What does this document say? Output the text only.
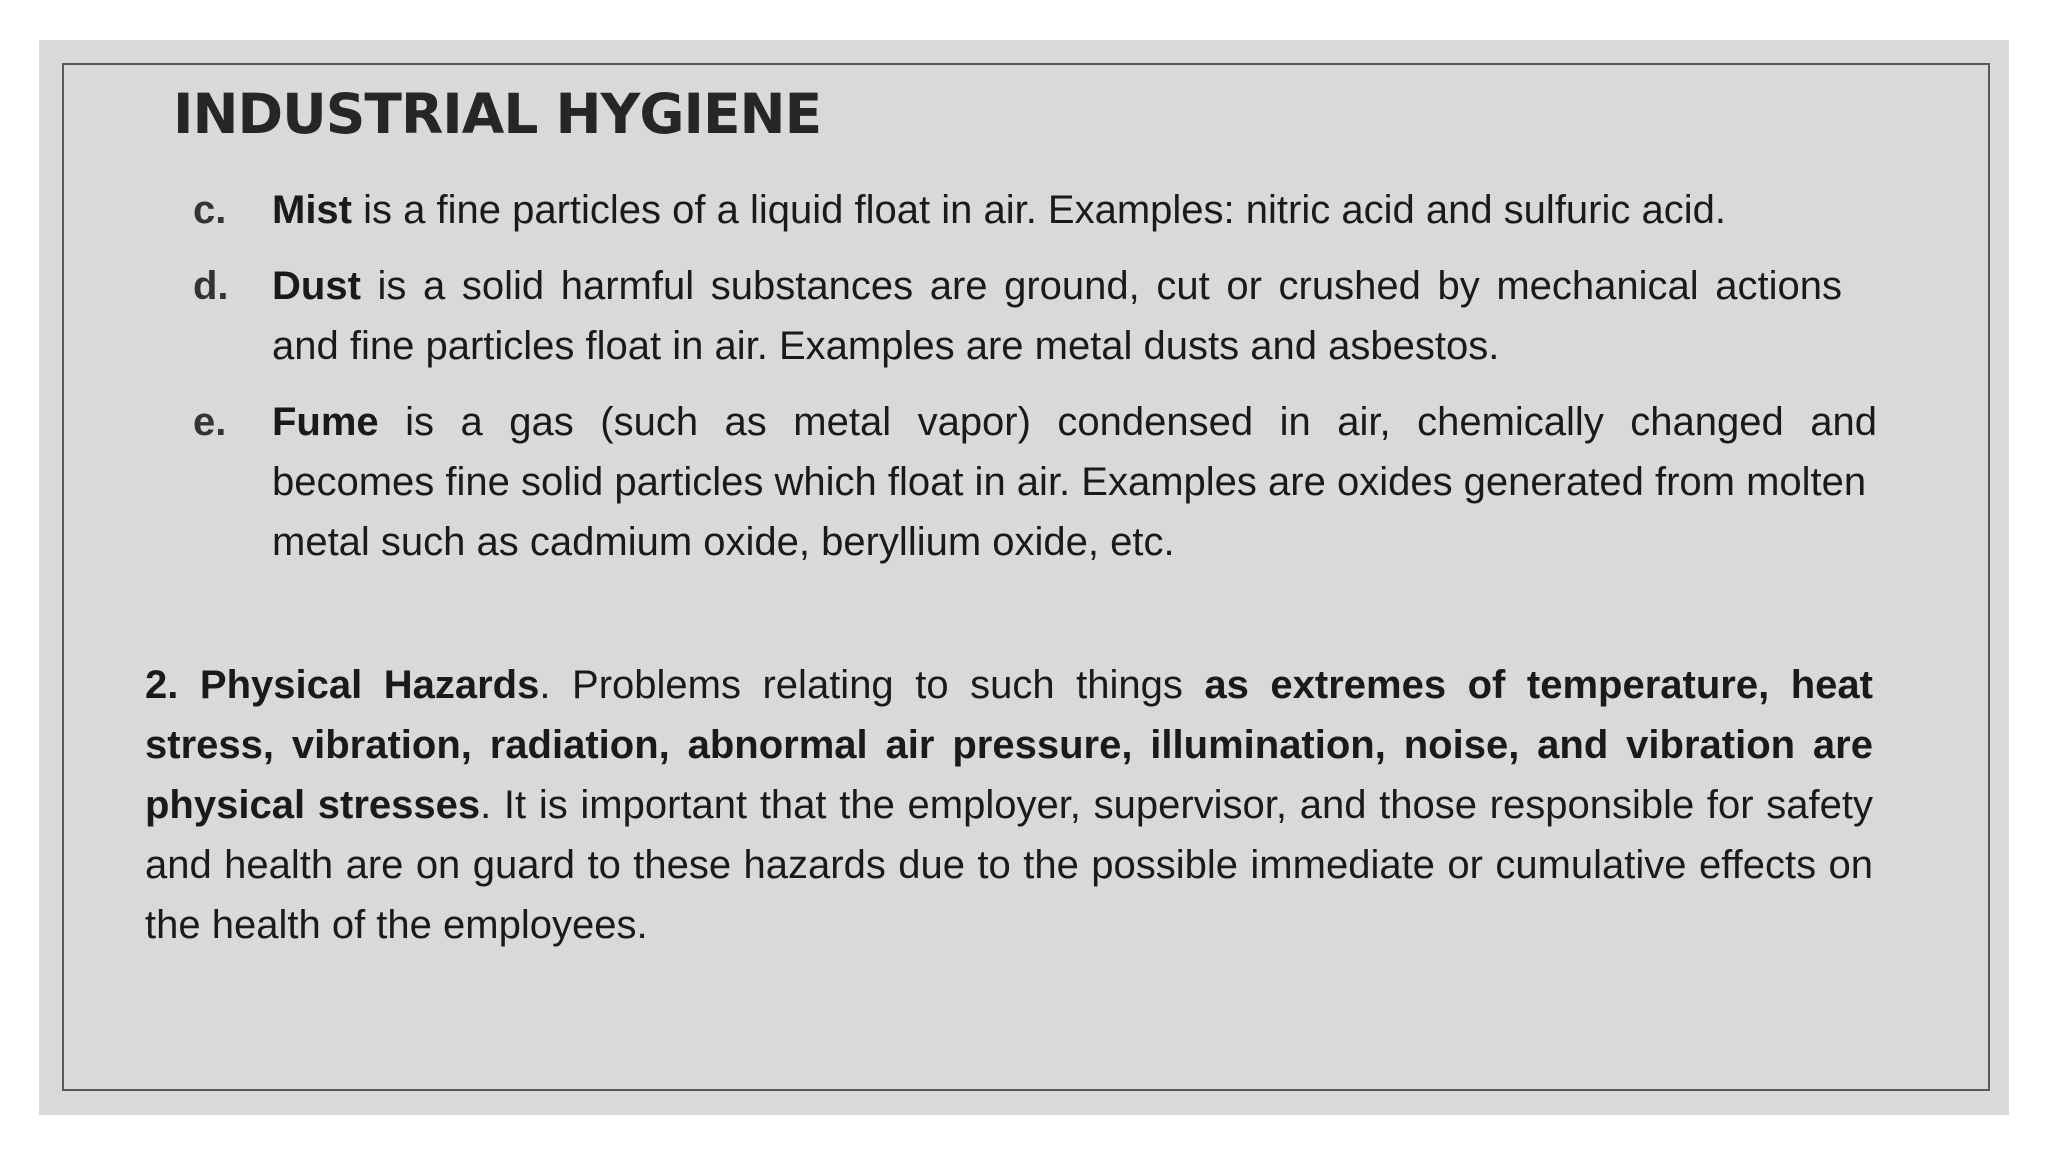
INDUSTRIAL HYGIENE
c. Mist is a fine particles of a liquid float in air. Examples: nitric acid and sulfuric acid.
d. Dust is a solid harmful substances are ground, cut or crushed by mechanical actions and fine particles float in air. Examples are metal dusts and asbestos.
e. Fume is a gas (such as metal vapor) condensed in air, chemically changed and
becomes fine solid particles which float in air. Examples are oxides generated from molten metal such as cadmium oxide, beryllium oxide, etc.

2. Physical Hazards. Problems relating to such things as extremes of temperature, heat stress, vibration, radiation, abnormal air pressure, illumination, noise, and vibration are physical stresses. It is important that the employer, supervisor, and those responsible for safety and health are on guard to these hazards due to the possible immediate or cumulative effects on the health of the employees.
